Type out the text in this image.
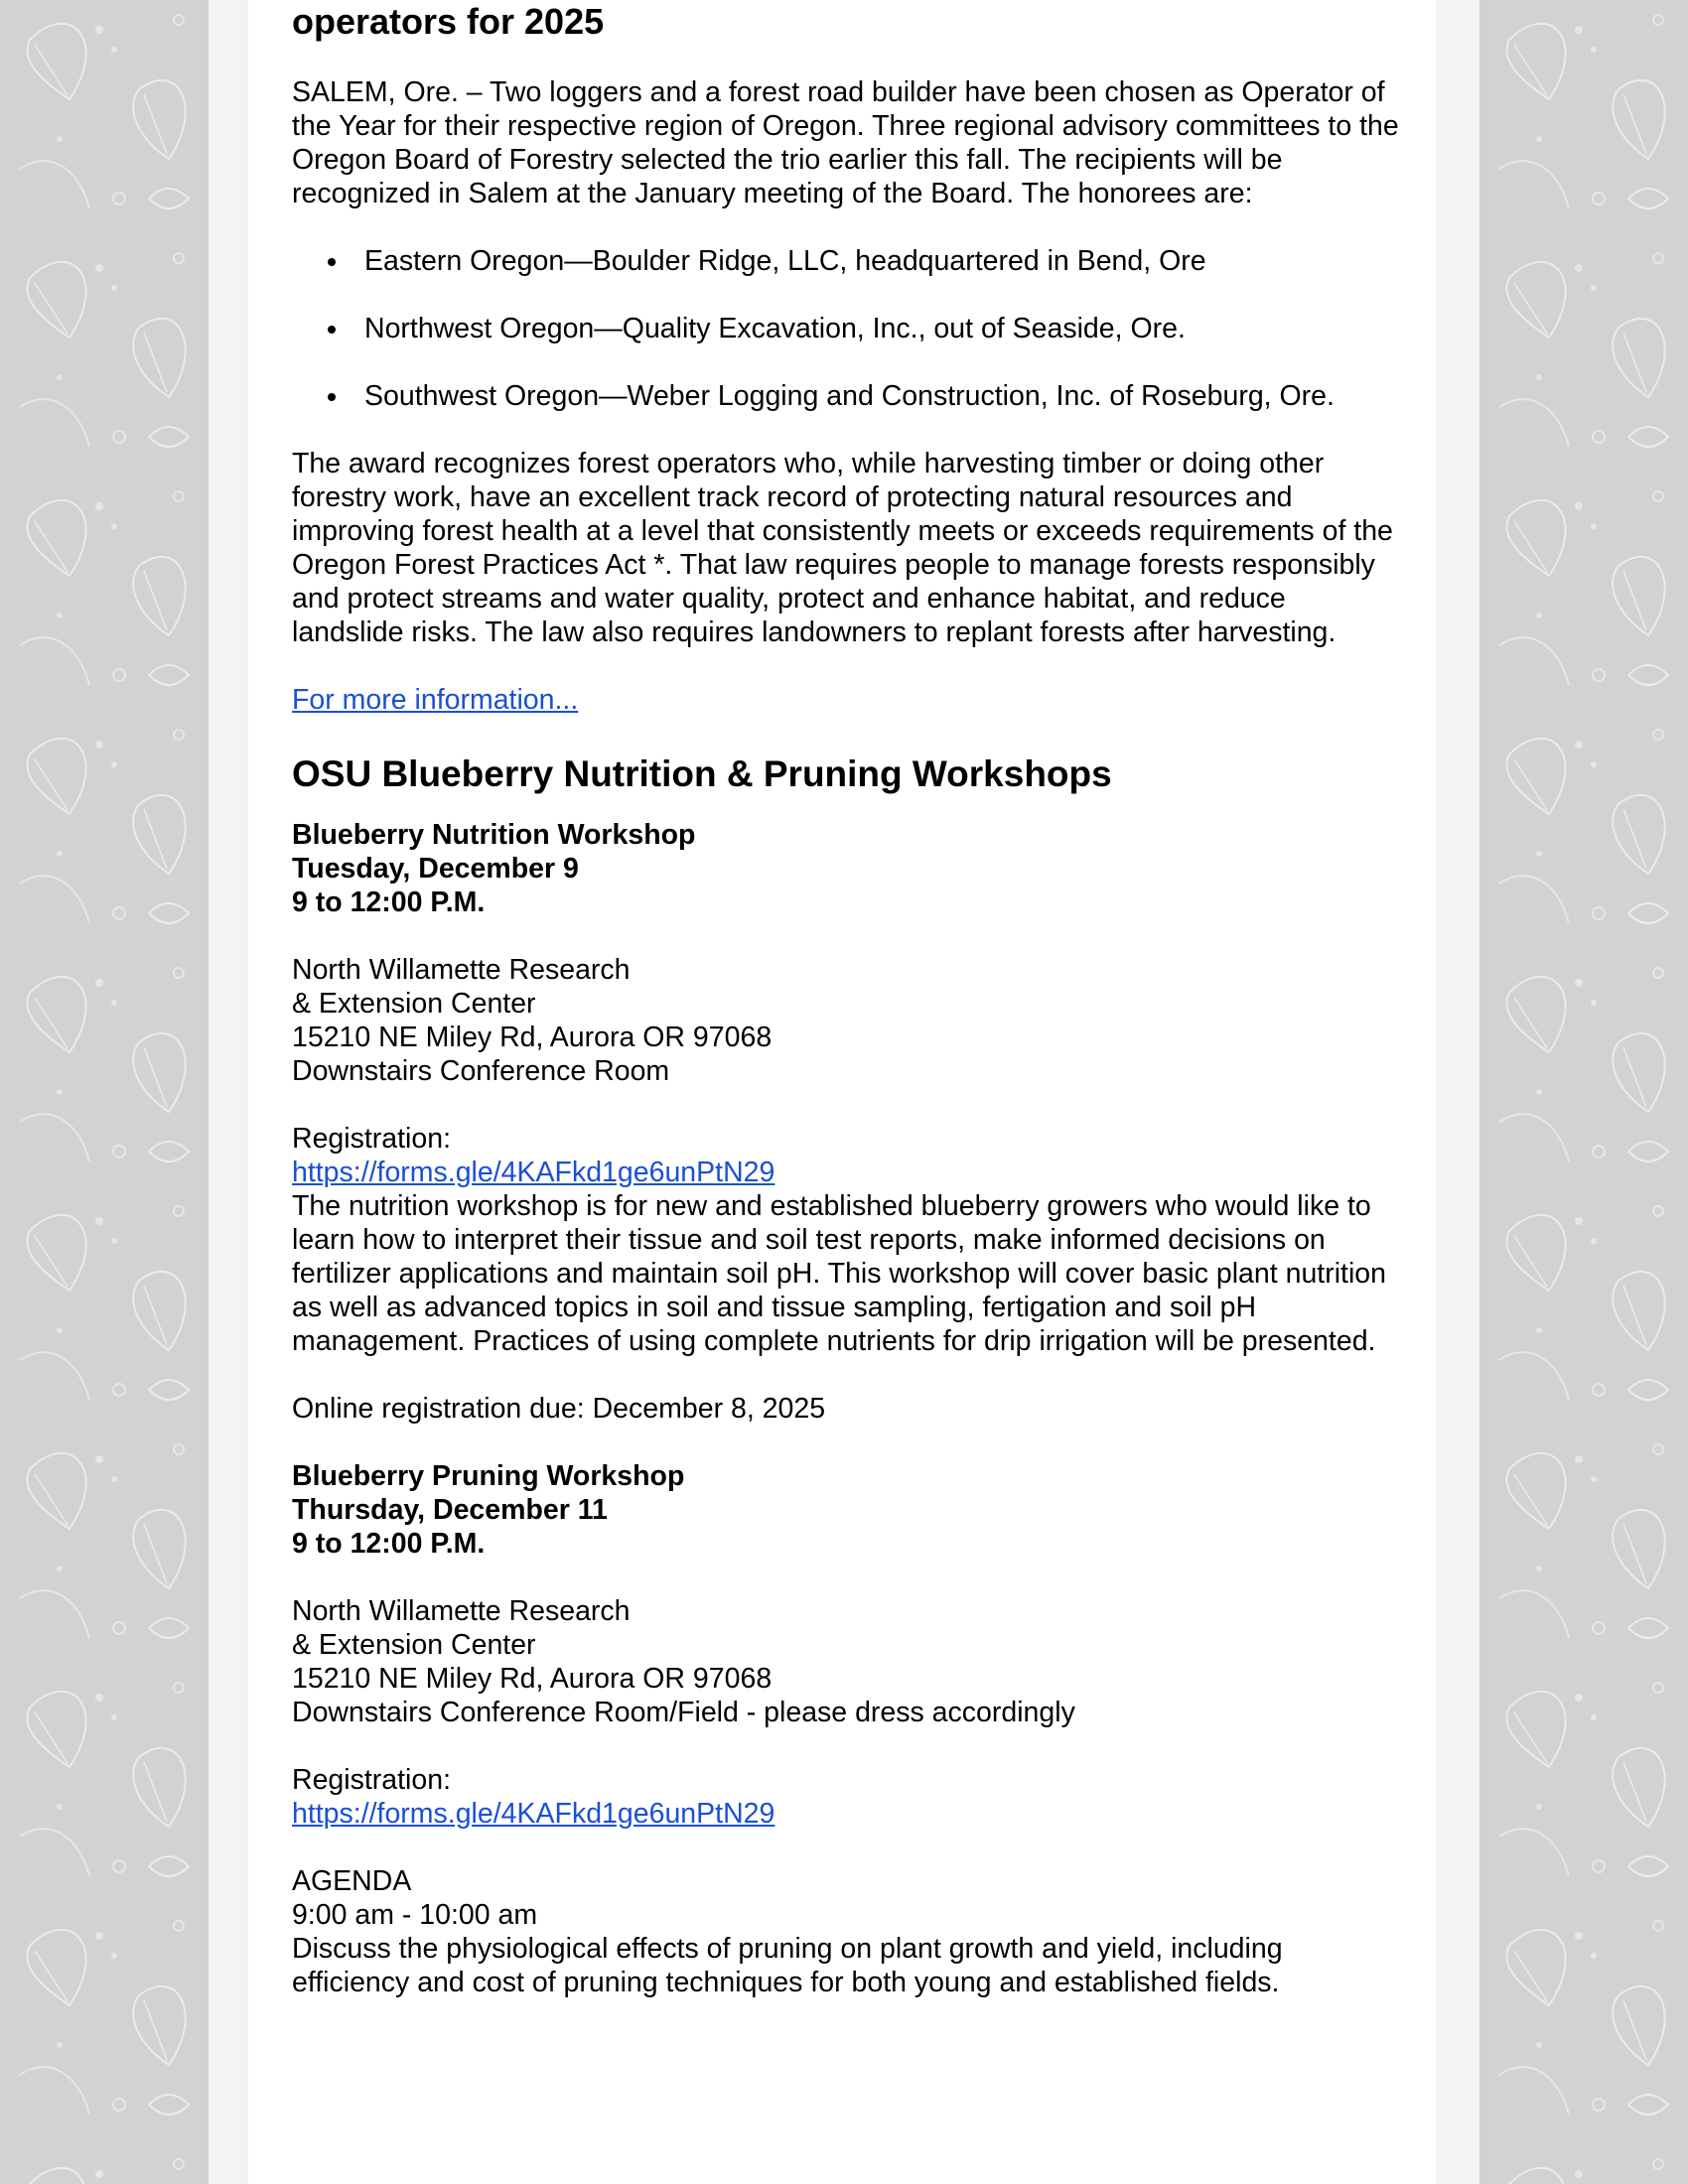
operators for 2025

SALEM, Ore. – Two loggers and a forest road builder have been chosen as Operator of the Year for their respective region of Oregon. Three regional advisory committees to the Oregon Board of Forestry selected the trio earlier this fall. The recipients will be recognized in Salem at the January meeting of the Board. The honorees are:

• Eastern Oregon—Boulder Ridge, LLC, headquartered in Bend, Ore
• Northwest Oregon—Quality Excavation, Inc., out of Seaside, Ore.
• Southwest Oregon—Weber Logging and Construction, Inc. of Roseburg, Ore.

The award recognizes forest operators who, while harvesting timber or doing other forestry work, have an excellent track record of protecting natural resources and improving forest health at a level that consistently meets or exceeds requirements of the Oregon Forest Practices Act *. That law requires people to manage forests responsibly and protect streams and water quality, protect and enhance habitat, and reduce landslide risks. The law also requires landowners to replant forests after harvesting.

For more information...

OSU Blueberry Nutrition & Pruning Workshops

Blueberry Nutrition Workshop
Tuesday, December 9
9 to 12:00 P.M.
North Willamette Research
& Extension Center
15210 NE Miley Rd, Aurora OR 97068
Downstairs Conference Room
Registration:
https://forms.gle/4KAFkd1ge6unPtN29

The nutrition workshop is for new and established blueberry growers who would like to learn how to interpret their tissue and soil test reports, make informed decisions on fertilizer applications and maintain soil pH. This workshop will cover basic plant nutrition as well as advanced topics in soil and tissue sampling, fertigation and soil pH management. Practices of using complete nutrients for drip irrigation will be presented.

Online registration due: December 8, 2025

Blueberry Pruning Workshop
Thursday, December 11
9 to 12:00 P.M.
North Willamette Research
& Extension Center
15210 NE Miley Rd, Aurora OR 97068
Downstairs Conference Room/Field - please dress accordingly
Registration:
https://forms.gle/4KAFkd1ge6unPtN29
AGENDA
9:00 am - 10:00 am

Discuss the physiological effects of pruning on plant growth and yield, including efficiency and cost of pruning techniques for both young and established fields.
